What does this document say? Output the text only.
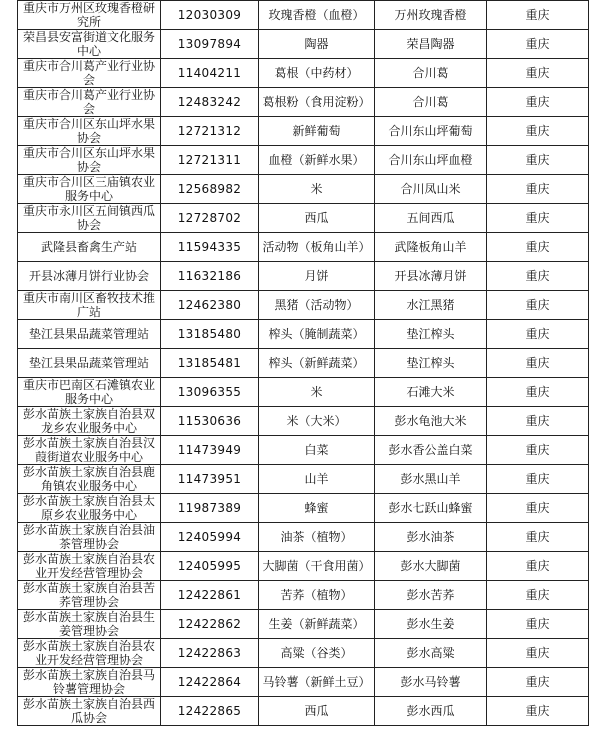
重庆市万州区玫瑰香橙研究所	12030309	玫瑰香橙（血橙）	万州玫瑰香橙	重庆
荣昌县安富街道文化服务中心	13097894	陶器	荣昌陶器	重庆
重庆市合川葛产业行业协会	11404211	葛根（中药材）	合川葛	重庆
重庆市合川葛产业行业协会	12483242	葛根粉（食用淀粉）	合川葛	重庆
重庆市合川区东山坪水果协会	12721312	新鲜葡萄	合川东山坪葡萄	重庆
重庆市合川区东山坪水果协会	12721311	血橙（新鲜水果）	合川东山坪血橙	重庆
重庆市合川区三庙镇农业服务中心	12568982	米	合川凤山米	重庆
重庆市永川区五间镇西瓜协会	12728702	西瓜	五间西瓜	重庆
武隆县畜禽生产站	11594335	活动物（板角山羊）	武隆板角山羊	重庆
开县冰薄月饼行业协会	11632186	月饼	开县冰薄月饼	重庆
重庆市南川区畜牧技术推广站	12462380	黑猪（活动物）	水江黑猪	重庆
垫江县果品蔬菜管理站	13185480	榨头（腌制蔬菜）	垫江榨头	重庆
垫江县果品蔬菜管理站	13185481	榨头（新鲜蔬菜）	垫江榨头	重庆
重庆市巴南区石滩镇农业服务中心	13096355	米	石滩大米	重庆
彭水苗族土家族自治县双龙乡农业服务中心	11530636	米（大米）	彭水龟池大米	重庆
彭水苗族土家族自治县汉葭街道农业服务中心	11473949	白菜	彭水香公盖白菜	重庆
彭水苗族土家族自治县鹿角镇农业服务中心	11473951	山羊	彭水黑山羊	重庆
彭水苗族土家族自治县太原乡农业服务中心	11987389	蜂蜜	彭水七跃山蜂蜜	重庆
彭水苗族土家族自治县油茶管理协会	12405994	油茶（植物）	彭水油茶	重庆
彭水苗族土家族自治县农业开发经营管理协会	12405995	大脚菌（干食用菌）	彭水大脚菌	重庆
彭水苗族土家族自治县苦荞管理协会	12422861	苦荞（植物）	彭水苦荞	重庆
彭水苗族土家族自治县生姜管理协会	12422862	生姜（新鲜蔬菜）	彭水生姜	重庆
彭水苗族土家族自治县农业开发经营管理协会	12422863	高粱（谷类）	彭水高粱	重庆
彭水苗族土家族自治县马铃薯管理协会	12422864	马铃薯（新鲜土豆）	彭水马铃薯	重庆
彭水苗族土家族自治县西瓜协会	12422865	西瓜	彭水西瓜	重庆
